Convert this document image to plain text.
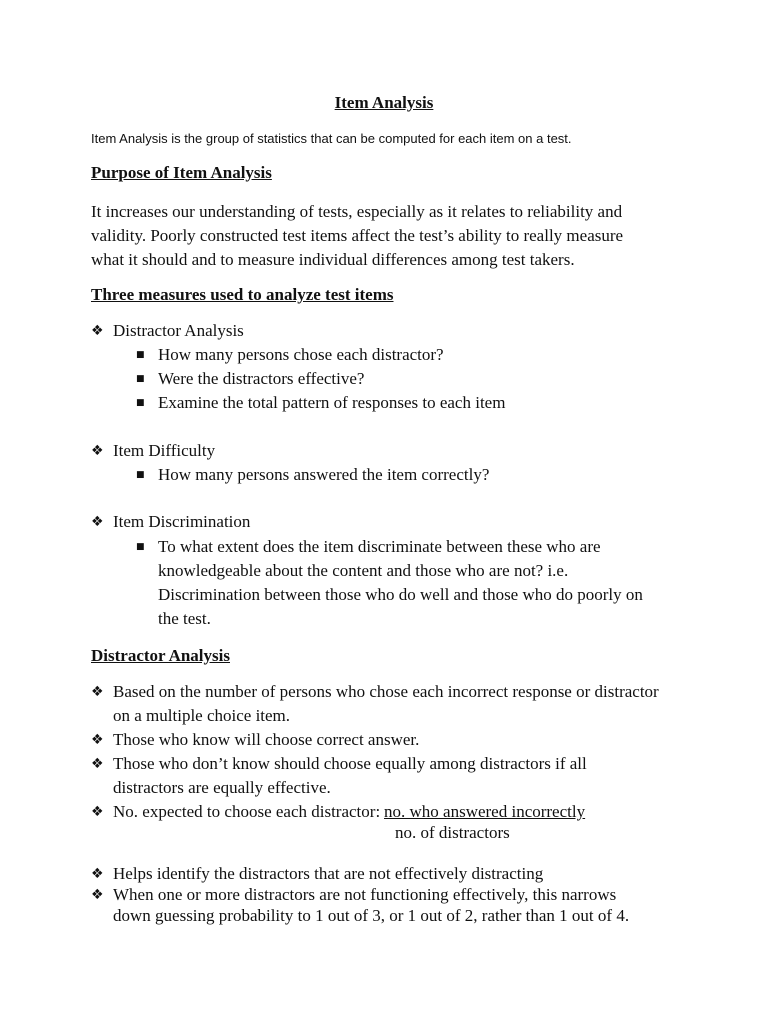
Item Analysis
Item Analysis is the group of statistics that can be computed for each item on a test.
Purpose of Item Analysis
It increases our understanding of tests, especially as it relates to reliability and
validity. Poorly constructed test items affect the test’s ability to really measure
what it should and to measure individual differences among test takers.
Three measures used to analyze test items
❖ Distractor Analysis
■ How many persons chose each distractor?
■ Were the distractors effective?
■ Examine the total pattern of responses to each item
❖ Item Difficulty
■ How many persons answered the item correctly?
❖ Item Discrimination
■ To what extent does the item discriminate between these who are
knowledgeable about the content and those who are not? i.e.
Discrimination between those who do well and those who do poorly on
the test.
Distractor Analysis
❖ Based on the number of persons who chose each incorrect response or distractor
on a multiple choice item.
❖ Those who know will choose correct answer.
❖ Those who don’t know should choose equally among distractors if all
distractors are equally effective.
❖ No. expected to choose each distractor: no. who answered incorrectly
no. of distractors
❖ Helps identify the distractors that are not effectively distracting
❖ When one or more distractors are not functioning effectively, this narrows
down guessing probability to 1 out of 3, or 1 out of 2, rather than 1 out of 4.
